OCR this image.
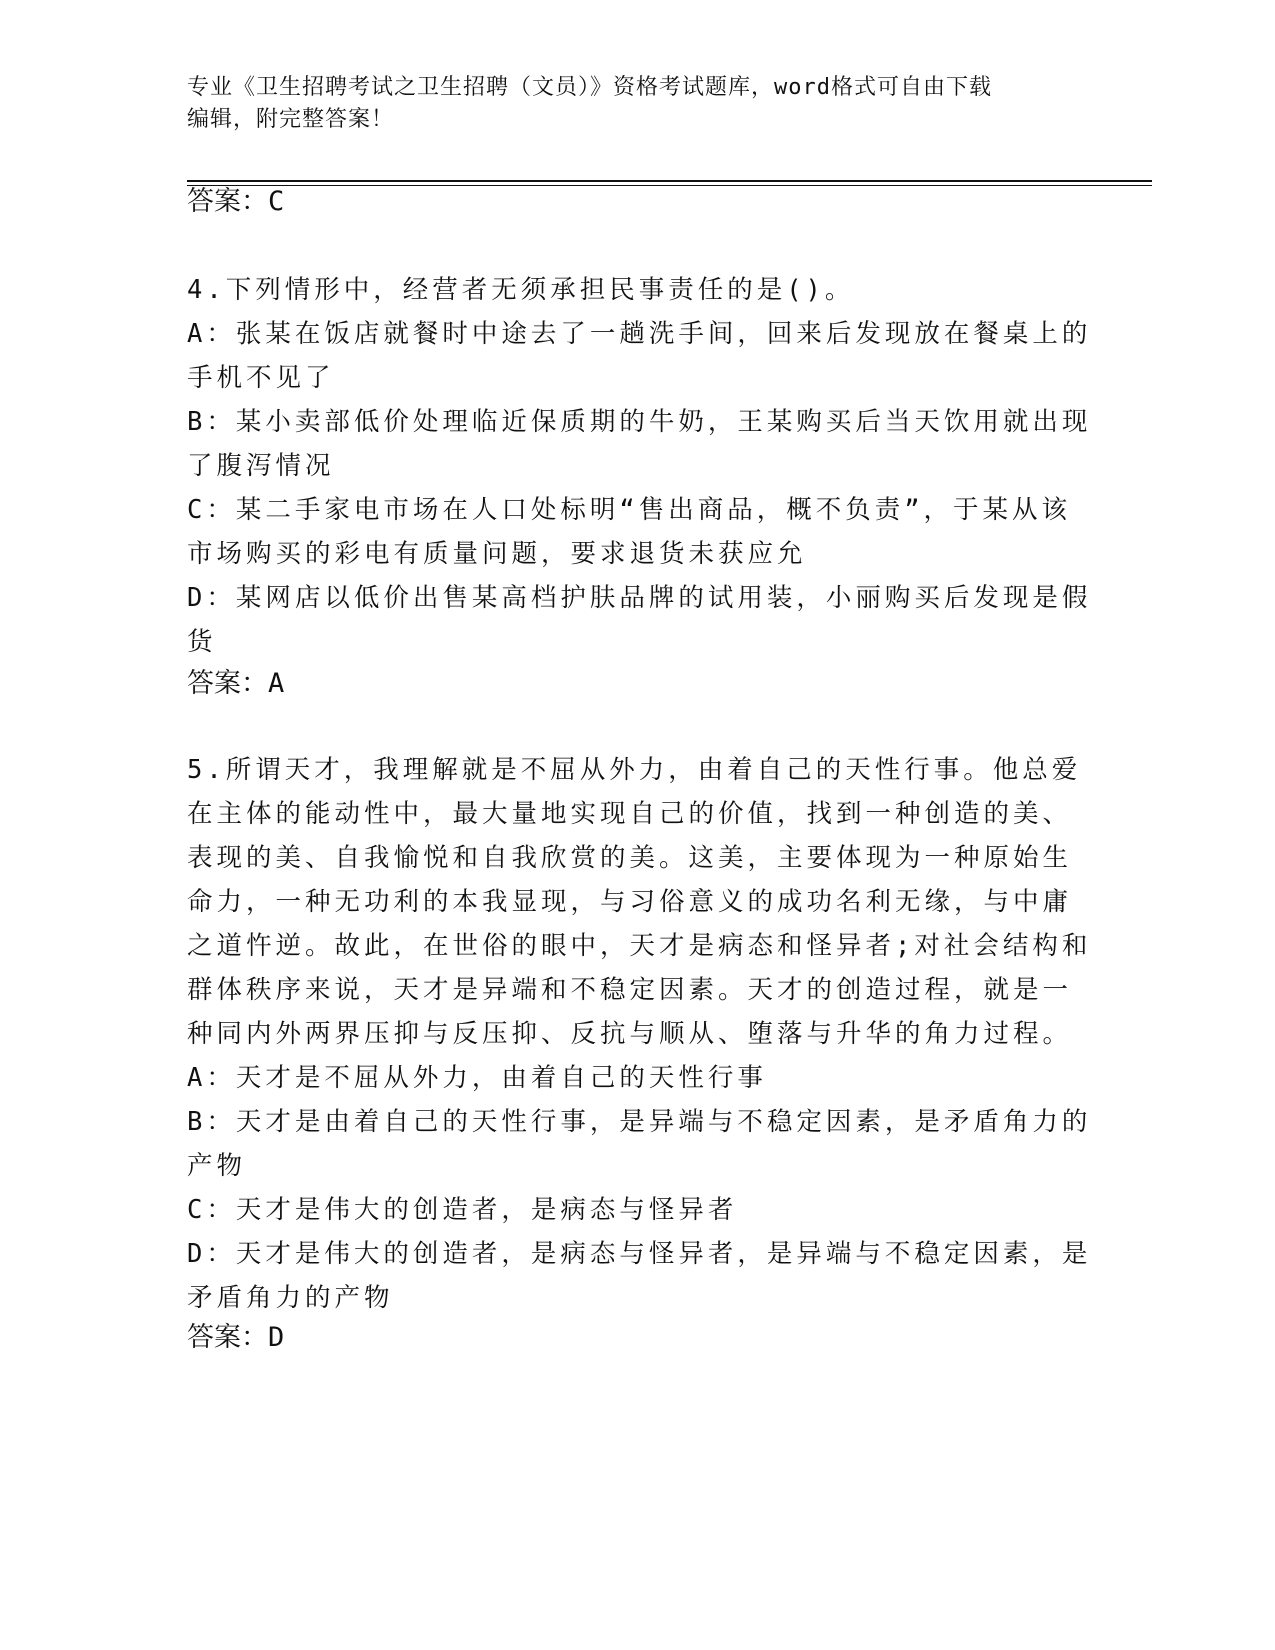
专业《卫生招聘考试之卫生招聘（文员）》资格考试题库，word格式可自由下载
编辑，附完整答案！
答案：C
4.下列情形中，经营者无须承担民事责任的是()。
A：张某在饭店就餐时中途去了一趟洗手间，回来后发现放在餐桌上的
手机不见了
B：某小卖部低价处理临近保质期的牛奶，王某购买后当天饮用就出现
了腹泻情况
C：某二手家电市场在人口处标明“售出商品，概不负责”，于某从该
市场购买的彩电有质量问题，要求退货未获应允
D：某网店以低价出售某高档护肤品牌的试用装，小丽购买后发现是假
货
答案：A
5.所谓天才，我理解就是不屈从外力，由着自己的天性行事。他总爱
在主体的能动性中，最大量地实现自己的价值，找到一种创造的美、
表现的美、自我愉悦和自我欣赏的美。这美，主要体现为一种原始生
命力，一种无功利的本我显现，与习俗意义的成功名利无缘，与中庸
之道忤逆。故此，在世俗的眼中，天才是病态和怪异者;对社会结构和
群体秩序来说，天才是异端和不稳定因素。天才的创造过程，就是一
种同内外两界压抑与反压抑、反抗与顺从、堕落与升华的角力过程。
A：天才是不屈从外力，由着自己的天性行事
B：天才是由着自己的天性行事，是异端与不稳定因素，是矛盾角力的
产物
C：天才是伟大的创造者，是病态与怪异者
D：天才是伟大的创造者，是病态与怪异者，是异端与不稳定因素，是
矛盾角力的产物
答案：D
